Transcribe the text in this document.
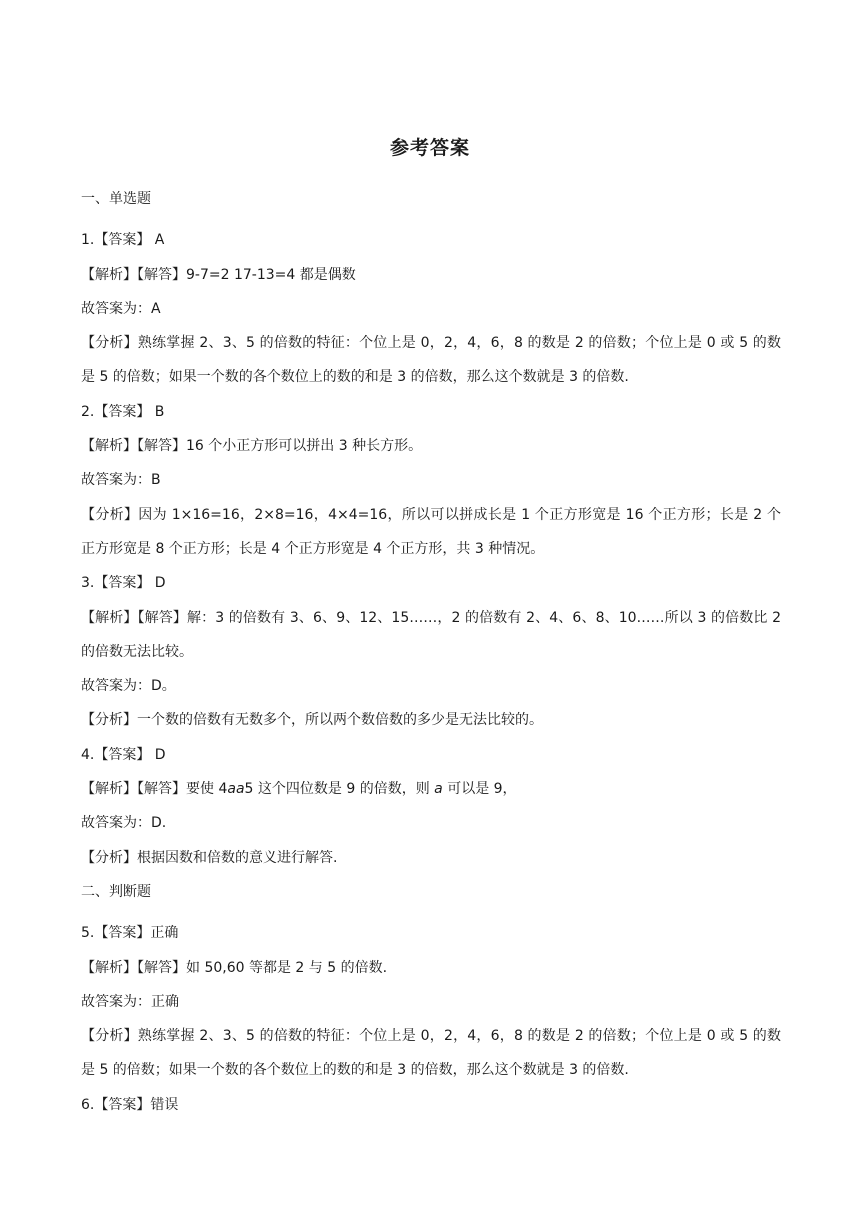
参考答案
一、单选题
1.【答案】 A
【解析】【解答】9-7=2 17-13=4 都是偶数
故答案为：A
【分析】熟练掌握 2、3、5 的倍数的特征：个位上是 0，2，4，6，8 的数是 2 的倍数；个位上是 0 或 5 的数是 5 的倍数；如果一个数的各个数位上的数的和是 3 的倍数，那么这个数就是 3 的倍数.
2.【答案】 B
【解析】【解答】16 个小正方形可以拼出 3 种长方形。
故答案为：B
【分析】因为 1×16=16，2×8=16，4×4=16，所以可以拼成长是 1 个正方形宽是 16 个正方形；长是 2 个正方形宽是 8 个正方形；长是 4 个正方形宽是 4 个正方形，共 3 种情况。
3.【答案】 D
【解析】【解答】解：3 的倍数有 3、6、9、12、15……，2 的倍数有 2、4、6、8、10……所以 3 的倍数比 2 的倍数无法比较。
故答案为：D。
【分析】一个数的倍数有无数多个，所以两个数倍数的多少是无法比较的。
4.【答案】 D
【解析】【解答】要使 4aa5 这个四位数是 9 的倍数，则 a 可以是 9，
故答案为：D.
【分析】根据因数和倍数的意义进行解答.
二、判断题
5.【答案】正确
【解析】【解答】如 50,60 等都是 2 与 5 的倍数.
故答案为：正确
【分析】熟练掌握 2、3、5 的倍数的特征：个位上是 0，2，4，6，8 的数是 2 的倍数；个位上是 0 或 5 的数是 5 的倍数；如果一个数的各个数位上的数的和是 3 的倍数，那么这个数就是 3 的倍数.
6.【答案】错误
